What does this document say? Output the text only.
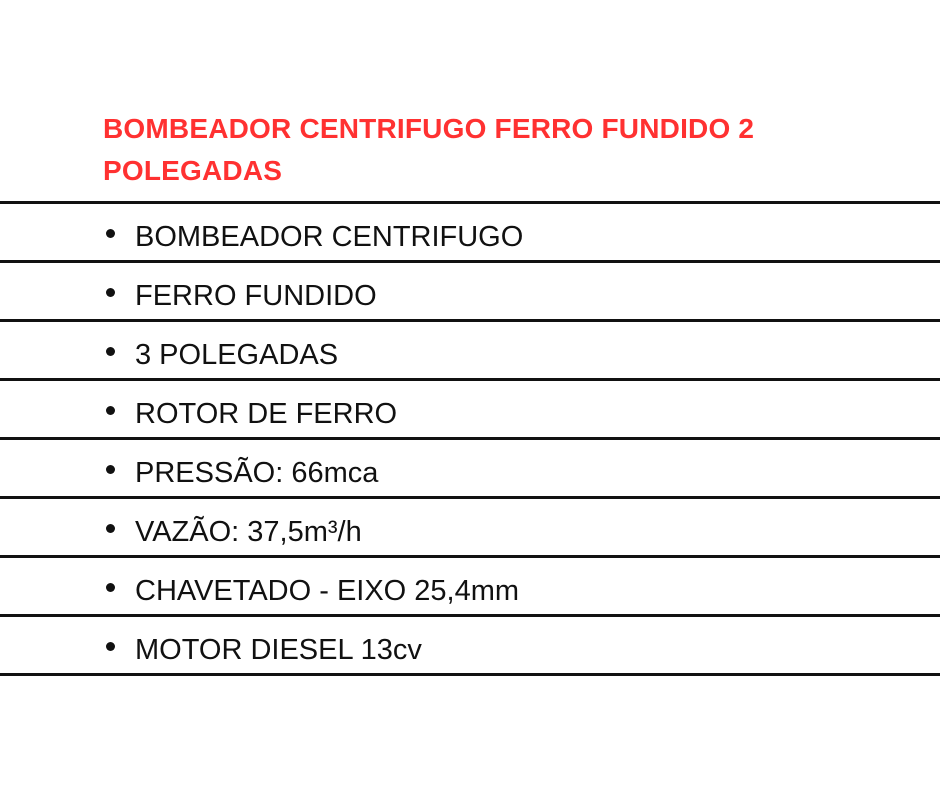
BOMBEADOR CENTRIFUGO FERRO FUNDIDO 2 POLEGADAS
BOMBEADOR CENTRIFUGO
FERRO FUNDIDO
3 POLEGADAS
ROTOR DE FERRO
PRESSÃO: 66mca
VAZÃO: 37,5m³/h
CHAVETADO - EIXO 25,4mm
MOTOR DIESEL 13cv
